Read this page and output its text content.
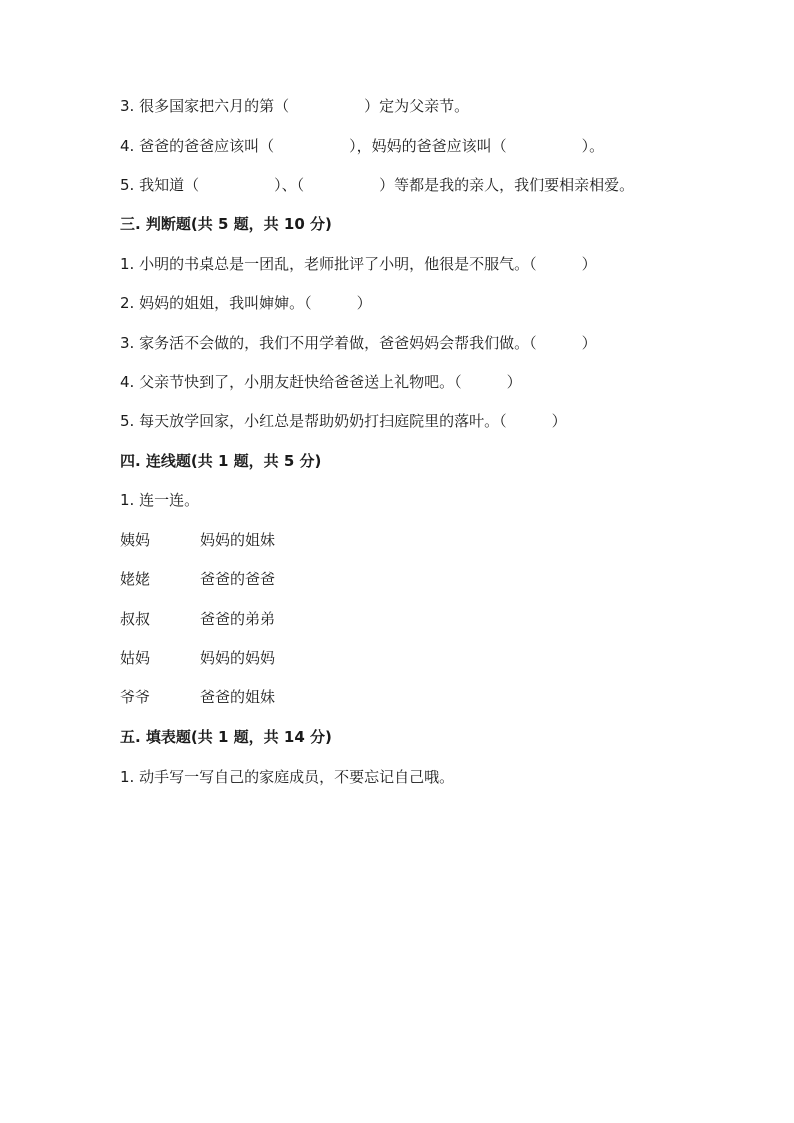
3. 很多国家把六月的第（　　　　　）定为父亲节。
4. 爸爸的爸爸应该叫（　　　　　），妈妈的爸爸应该叫（　　　　　）。
5. 我知道（　　　　　）、（　　　　　）等都是我的亲人，我们要相亲相爱。
三. 判断题(共 5 题，共 10 分)
1. 小明的书桌总是一团乱，老师批评了小明，他很是不服气。（　　　）
2. 妈妈的姐姐，我叫婶婶。（　　　）
3. 家务活不会做的，我们不用学着做，爸爸妈妈会帮我们做。（　　　）
4. 父亲节快到了，小朋友赶快给爸爸送上礼物吧。（　　　）
5. 每天放学回家，小红总是帮助奶奶打扫庭院里的落叶。（　　　）
四. 连线题(共 1 题，共 5 分)
1. 连一连。
姨妈	妈妈的姐妹
姥姥	爸爸的爸爸
叔叔	爸爸的弟弟
姑妈	妈妈的妈妈
爷爷	爸爸的姐妹
五. 填表题(共 1 题，共 14 分)
1. 动手写一写自己的家庭成员，不要忘记自己哦。
